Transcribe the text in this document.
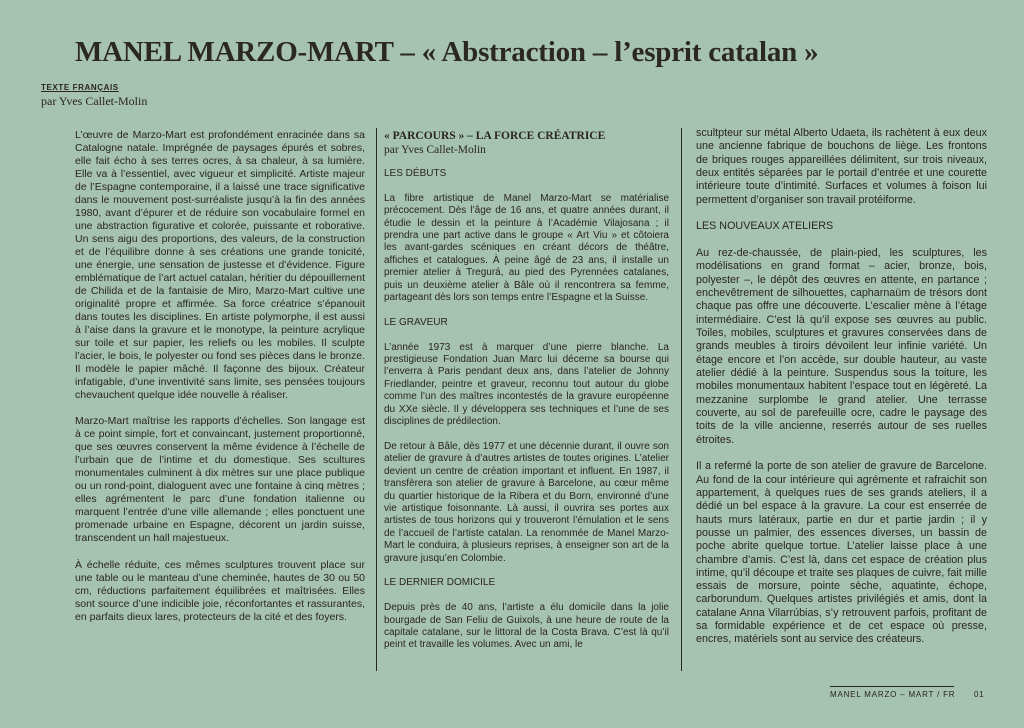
MANEL MARZO-MART – « Abstraction – l’esprit catalan »
TEXTE FRANÇAIS
par Yves Callet-Molin

L’œuvre de Marzo-Mart est profondément enracinée dans sa Catalogne natale. Imprégnée de paysages épurés et sobres, elle fait écho à ses terres ocres, à sa chaleur, à sa lumière. Elle va à l’essentiel, avec vigueur et simplicité. Artiste majeur de l’Espagne contemporaine, il a laissé une trace significative dans le mouvement post-surréaliste jusqu’à la fin des années 1980, avant d’épurer et de réduire son vocabulaire formel en une abstraction figurative et colorée, puissante et roborative. Un sens aigu des proportions, des valeurs, de la construction et de l’équilibre donne à ses créations une grande tonicité, une énergie, une sensation de justesse et d’évidence. Figure emblématique de l’art actuel catalan, héritier du dépouillement de Chilida et de la fantaisie de Miro, Marzo-Mart cultive une originalité propre et affirmée. Sa force créatrice s’épanouit dans toutes les disciplines. En artiste polymorphe, il est aussi à l’aise dans la gravure et le monotype, la peinture acrylique sur toile et sur papier, les reliefs ou les mobiles. Il sculpte l’acier, le bois, le polyester ou fond ses pièces dans le bronze. Il modèle le papier mâché. Il façonne des bijoux. Créateur infatigable, d’une inventivité sans limite, ses pensées toujours chevauchent quelque idée nouvelle à réaliser.

Marzo-Mart maîtrise les rapports d’échelles. Son langage est à ce point simple, fort et convaincant, justement proportionné, que ses œuvres conservent la même évidence à l’échelle de l’urbain que de l’intime et du domestique. Ses scultures monumentales culminent à dix mètres sur une place publique ou un rond-point, dialoguent avec une fontaine à cinq mètres ; elles agrémentent le parc d’une fondation italienne ou marquent l’entrée d’une ville allemande ; elles ponctuent une promenade urbaine en Espagne, décorent un jardin suisse, transcendent un hall majestueux.

À échelle réduite, ces mêmes sculptures trouvent place sur une table ou le manteau d’une cheminée, hautes de 30 ou 50 cm, réductions parfaitement équilibrées et maîtrisées. Elles sont source d’une indicible joie, réconfortantes et rassurantes, en parfaits dieux lares, protecteurs de la cité et des foyers.

« PARCOURS » – LA FORCE CRÉATRICE
par Yves Callet-Molin

LES DÉBUTS

La fibre artistique de Manel Marzo-Mart se matérialise précocement. Dès l’âge de 16 ans, et quatre années durant, il étudie le dessin et la peinture à l’Académie Vilajosana ; il prendra une part active dans le groupe « Art Viu » et côtoiera les avant-gardes scéniques en créant décors de théâtre, affiches et catalogues. À peine âgé de 23 ans, il installe un premier atelier à Tregurá, au pied des Pyrennées catalanes, puis un deuxième atelier à Bâle où il rencontrera sa femme, partageant dès lors son temps entre l’Espagne et la Suisse.

LE GRAVEUR

L’année 1973 est à marquer d’une pierre blanche. La prestigieuse Fondation Juan Marc lui décerne sa bourse qui l’enverra à Paris pendant deux ans, dans l’atelier de Johnny Friedlander, peintre et graveur, reconnu tout autour du globe comme l’un des maîtres incontestés de la gravure européenne du XXe siècle. Il y développera ses techniques et l’une de ses disciplines de prédilection.

De retour à Bâle, dès 1977 et une décennie durant, il ouvre son atelier de gravure à d’autres artistes de toutes origines. L’atelier devient un centre de création important et influent. En 1987, il transfèrera son atelier de gravure à Barcelone, au cœur même du quartier historique de la Ribera et du Born, environné d’une vie artistique foisonnante. Là aussi, il ouvrira ses portes aux artistes de tous horizons qui y trouveront l’émulation et le sens de l’accueil de l’artiste catalan. La renommée de Manel Marzo-Mart le conduira, à plusieurs reprises, à enseigner son art de la gravure jusqu’en Colombie.

LE DERNIER DOMICILE

Depuis près de 40 ans, l’artiste a élu domicile dans la jolie bourgade de San Feliu de Guixols, à une heure de route de la capitale catalane, sur le littoral de la Costa Brava. C’est là qu’il peint et travaille les volumes. Avec un ami, le

scultpteur sur métal Alberto Udaeta, ils rachètent à eux deux une ancienne fabrique de bouchons de liège. Les frontons de briques rouges appareillées délimitent, sur trois niveaux, deux entités séparées par le portail d’entrée et une courette intérieure toute d’intimité. Surfaces et volumes à foison lui permettent d’organiser son travail protéiforme.

LES NOUVEAUX ATELIERS

Au rez-de-chaussée, de plain-pied, les sculptures, les modélisations en grand format – acier, bronze, bois, polyester –, le dépôt des œuvres en attente, en partance ; enchevêtrement de silhouettes, capharnaüm de trésors dont chaque pas offre une découverte. L’escalier mène à l’étage intermédiaire. C’est là qu’il expose ses œuvres au public. Toiles, mobiles, sculptures et gravures conservées dans de grands meubles à tiroirs dévoilent leur infinie variété. Un étage encore et l’on accède, sur double hauteur, au vaste atelier dédié à la peinture. Suspendus sous la toiture, les mobiles monumentaux habitent l’espace tout en légèreté. La mezzanine surplombe le grand atelier. Une terrasse couverte, au sol de parefeuille ocre, cadre le paysage des toits de la ville ancienne, reserrés autour de ses ruelles étroites.

Il a refermé la porte de son atelier de gravure de Barcelone. Au fond de la cour intérieure qui agrémente et rafraichit son appartement, à quelques rues de ses grands ateliers, il a dédié un bel espace à la gravure. La cour est enserrée de hauts murs latéraux, partie en dur et partie jardin ; il y pousse un palmier, des essences diverses, un bassin de poche abrite quelque tortue. L’atelier laisse place à une chambre d’amis. C’est là, dans cet espace de création plus intime, qu’il découpe et traite ses plaques de cuivre, fait mille essais de morsure, pointe sèche, aquatinte, échope, carborundum. Quelques artistes privilégiés et amis, dont la catalane Anna Vilarrúbias, s’y retrouvent parfois, profitant de sa formidable expérience et de cet espace où presse, encres, matériels sont au service des créateurs.

MANEL MARZO – MART / FR 01
